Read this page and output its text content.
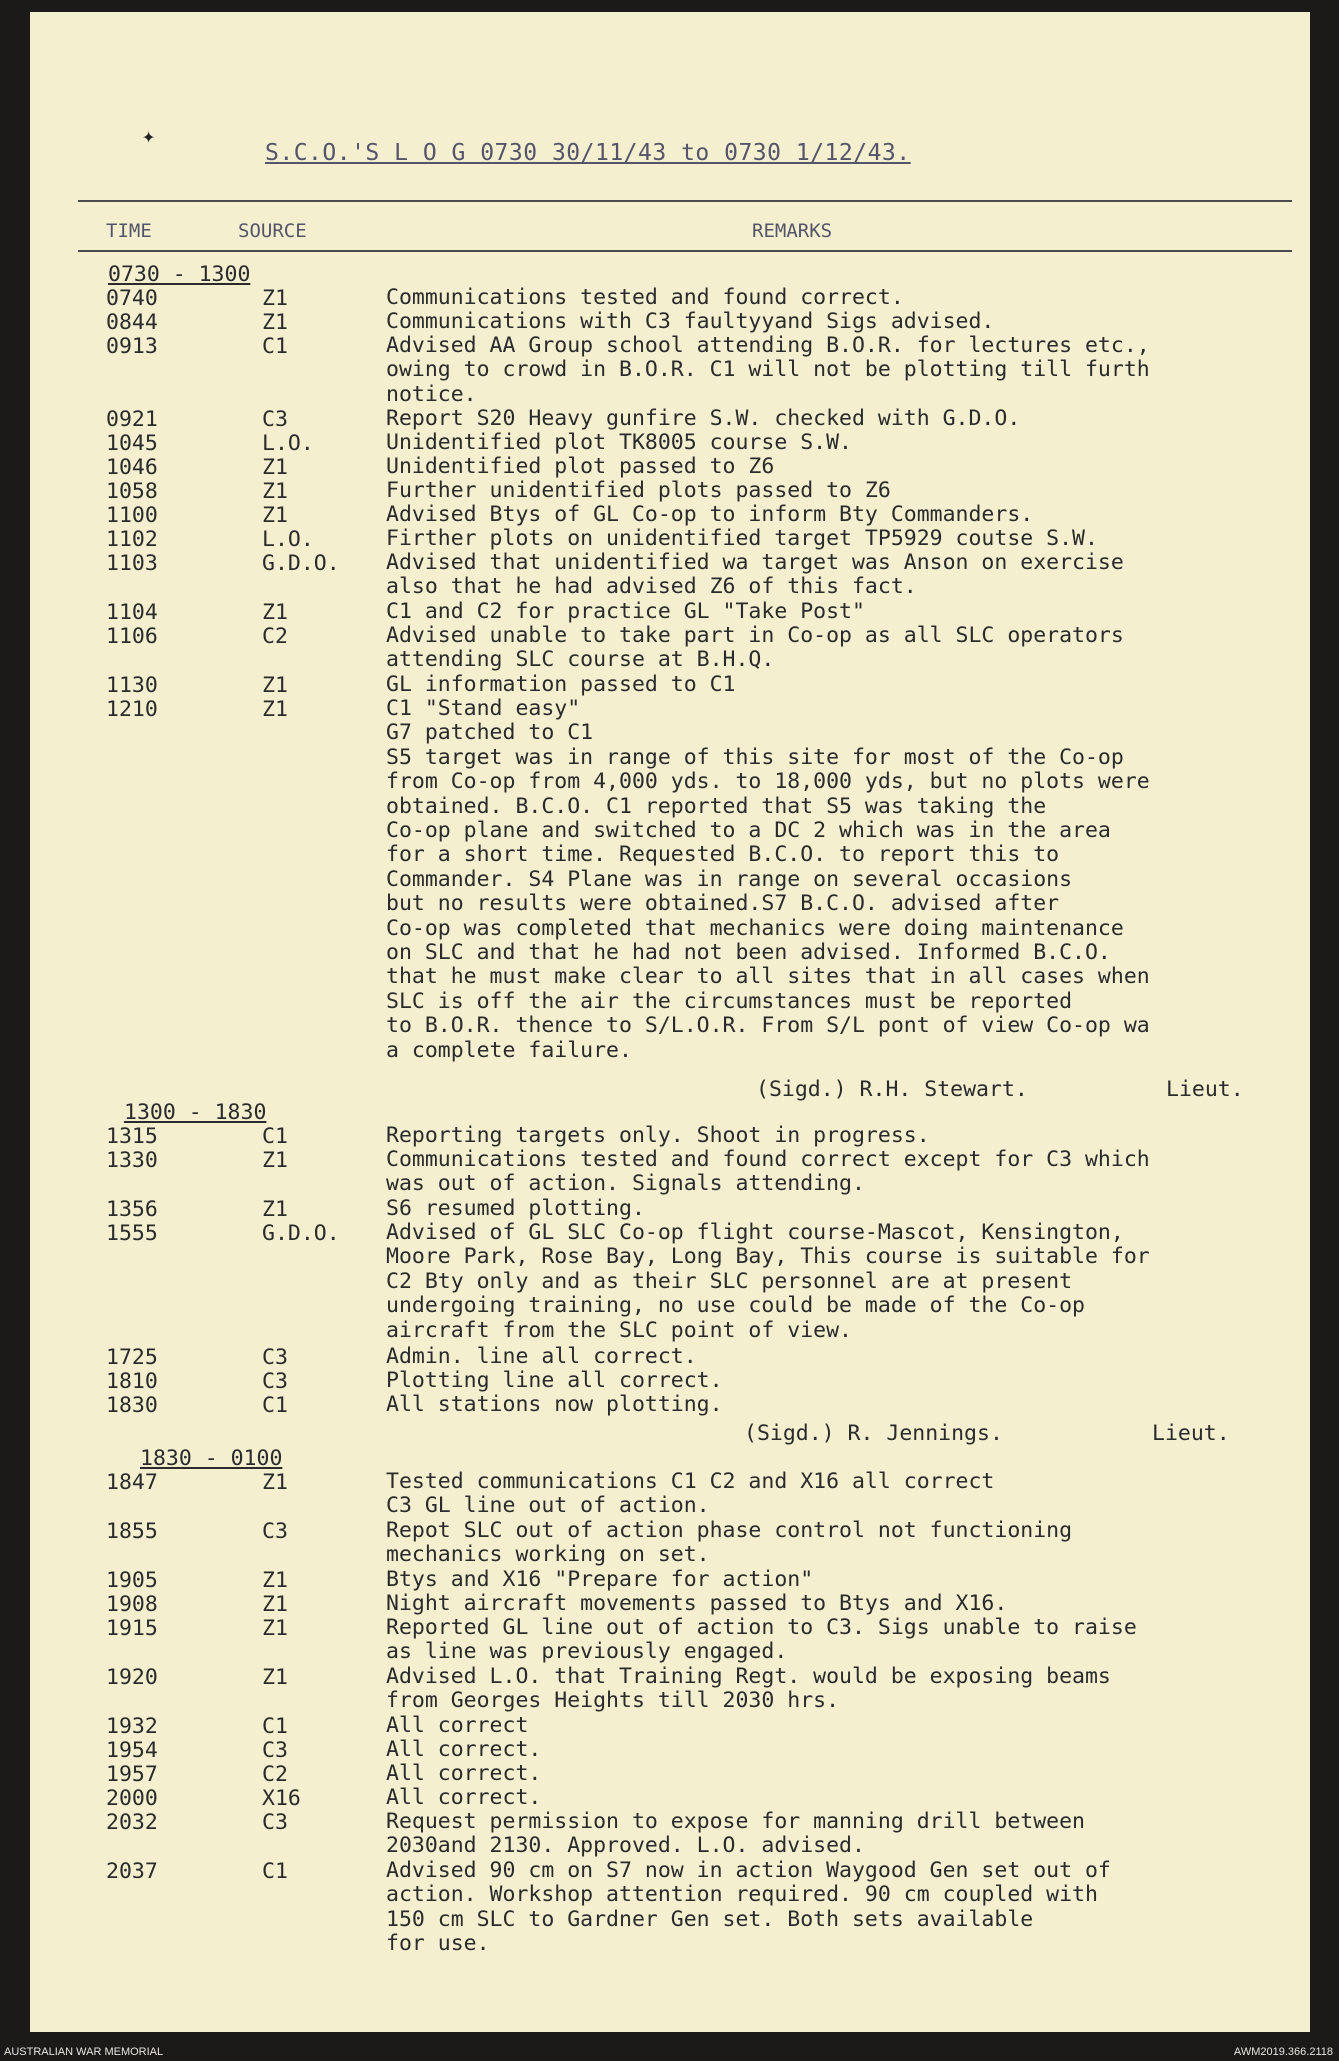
✦
S.C.O.'S L O G 0730 30/11/43 to 0730 1/12/43.
TIME	SOURCE	REMARKS
0730 - 1300
0740	Z1	Communications tested and found correct.
0844	Z1	Communications with C3 faultyyand Sigs advised.
0913	C1	Advised AA Group school attending B.O.R. for lectures etc.,
owing to crowd in B.O.R. C1 will not be plotting till furth
notice.
0921	C3	Report S20 Heavy gunfire S.W. checked with G.D.O.
1045	L.O.	Unidentified plot TK8005 course S.W.
1046	Z1	Unidentified plot passed to Z6
1058	Z1	Further unidentified plots passed to Z6
1100	Z1	Advised Btys of GL Co-op to inform Bty Commanders.
1102	L.O.	Firther plots on unidentified target TP5929 coutse S.W.
1103	G.D.O. Advised that unidentified wa target was Anson on exercise
also that he had advised Z6 of this fact.
1104	Z1	C1 and C2 for practice GL "Take Post"
1106	C2	Advised unable to take part in Co-op as all SLC operators
attending SLC course at B.H.Q.
1130	Z1	GL information passed to C1
1210	Z1	C1 "Stand easy"
G7 patched to C1
S5 target was in range of this site for most of the Co-op
from Co-op from 4,000 yds. to 18,000 yds, but no plots were
obtained. B.C.O. C1 reported that S5 was taking the
Co-op plane and switched to a DC 2 which was in the area
for a short time. Requested B.C.O. to report this to
Commander. S4 Plane was in range on several occasions
but no results were obtained.S7 B.C.O. advised after
Co-op was completed that mechanics were doing maintenance
on SLC and that he had not been advised. Informed B.C.O.
that he must make clear to all sites that in all cases when
SLC is off the air the circumstances must be reported
to B.O.R. thence to S/L.O.R. From S/L pont of view Co-op wa
a complete failure.
(Sigd.) R.H. Stewart.	Lieut.
1300 - 1830
1315	C1	Reporting targets only. Shoot in progress.
1330	Z1	Communications tested and found correct except for C3 which
was out of action. Signals attending.
1356	Z1	S6 resumed plotting.
1555	G.D.O. Advised of GL SLC Co-op flight course-Mascot, Kensington,
Moore Park, Rose Bay, Long Bay, This course is suitable for
C2 Bty only and as their SLC personnel are at present
undergoing training, no use could be made of the Co-op
aircraft from the SLC point of view.
1725	C3	Admin. line all correct.
1810	C3	Plotting line all correct.
1830	C1	All stations now plotting.
(Sigd.) R. Jennings.	Lieut.
1830 - 0100
1847	Z1	Tested communications C1 C2 and X16 all correct
C3 GL line out of action.
1855	C3	Repot SLC out of action phase control not functioning
mechanics working on set.
1905	Z1	Btys and X16 "Prepare for action"
1908	Z1	Night aircraft movements passed to Btys and X16.
1915	Z1	Reported GL line out of action to C3. Sigs unable to raise
as line was previously engaged.
1920	Z1	Advised L.O. that Training Regt. would be exposing beams
from Georges Heights till 2030 hrs.
1932	C1	All correct
1954	C3	All correct.
1957	C2	All correct.
2000	X16	All correct.
2032	C3	Request permission to expose for manning drill between
2030and 2130. Approved. L.O. advised.
2037	C1	Advised 90 cm on S7 now in action Waygood Gen set out of
action. Workshop attention required. 90 cm coupled with
150 cm SLC to Gardner Gen set. Both sets available
for use.
AUSTRALIAN WAR MEMORIAL	AWM2019.366.2118
